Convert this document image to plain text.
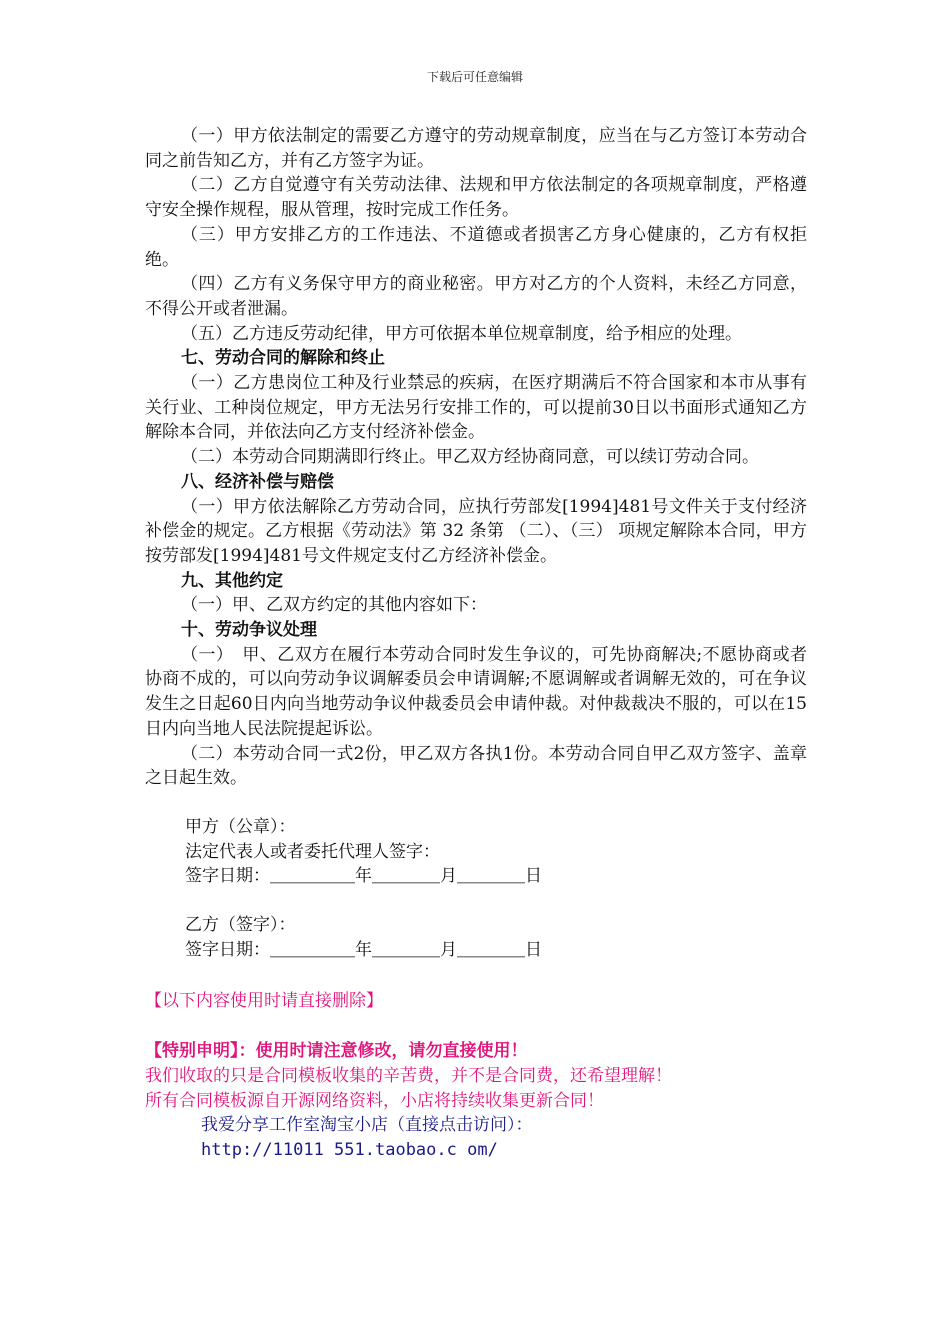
下载后可任意编辑

（一）甲方依法制定的需要乙方遵守的劳动规章制度，应当在与乙方签订本劳动合同之前告知乙方，并有乙方签字为证。

（二）乙方自觉遵守有关劳动法律、法规和甲方依法制定的各项规章制度，严格遵守安全操作规程，服从管理，按时完成工作任务。

（三）甲方安排乙方的工作违法、不道德或者损害乙方身心健康的，乙方有权拒绝。

（四）乙方有义务保守甲方的商业秘密。甲方对乙方的个人资料，未经乙方同意，不得公开或者泄漏。

（五）乙方违反劳动纪律，甲方可依据本单位规章制度，给予相应的处理。

七、劳动合同的解除和终止

（一）乙方患岗位工种及行业禁忌的疾病，在医疗期满后不符合国家和本市从事有关行业、工种岗位规定，甲方无法另行安排工作的，可以提前30日以书面形式通知乙方解除本合同，并依法向乙方支付经济补偿金。

（二）本劳动合同期满即行终止。甲乙双方经协商同意，可以续订劳动合同。

八、经济补偿与赔偿

（一）甲方依法解除乙方劳动合同，应执行劳部发[1994]481号文件关于支付经济补偿金的规定。乙方根据《劳动法》第 32 条第 （二）、（三） 项规定解除本合同，甲方按劳部发[1994]481号文件规定支付乙方经济补偿金。

九、其他约定

（一）甲、乙双方约定的其他内容如下：

十、劳动争议处理

（一）　甲、乙双方在履行本劳动合同时发生争议的，可先协商解决;不愿协商或者协商不成的，可以向劳动争议调解委员会申请调解;不愿调解或者调解无效的，可在争议发生之日起60日内向当地劳动争议仲裁委员会申请仲裁。对仲裁裁决不服的，可以在15日内向当地人民法院提起诉讼。

（二）本劳动合同一式2份，甲乙双方各执1份。本劳动合同自甲乙双方签字、盖章之日起生效。

甲方（公章）：

法定代表人或者委托代理人签字：

签字日期：＿＿＿＿＿年＿＿＿＿月＿＿＿＿日

乙方（签字）：

签字日期：＿＿＿＿＿年＿＿＿＿月＿＿＿＿日

【以下内容使用时请直接删除】

【特别申明】：使用时请注意修改，请勿直接使用！

我们收取的只是合同模板收集的辛苦费，并不是合同费，还希望理解！

所有合同模板源自开源网络资料，小店将持续收集更新合同！

我爱分享工作室淘宝小店（直接点击访问）：

http://11011 551.taobao.c om/
